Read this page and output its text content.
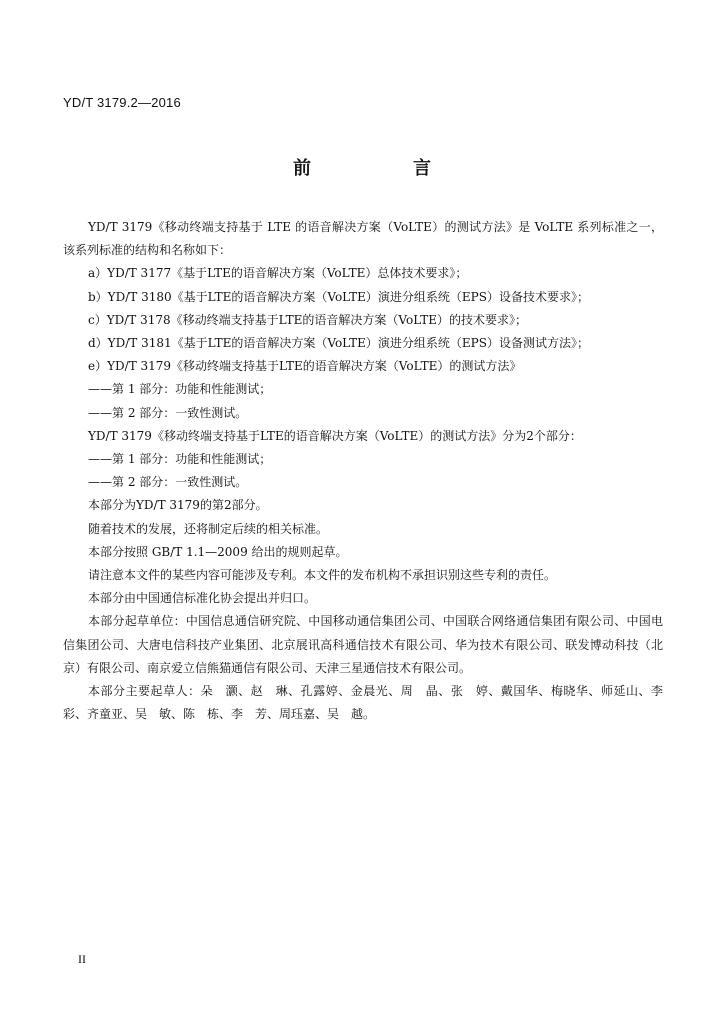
YD/T 3179.2—2016
前　言

YD/T 3179《移动终端支持基于 LTE 的语音解决方案（VoLTE）的测试方法》是 VoLTE 系列标准之一，该系列标准的结构和名称如下：

a）YD/T 3177《基于LTE的语音解决方案（VoLTE）总体技术要求》；

b）YD/T 3180《基于LTE的语音解决方案（VoLTE）演进分组系统（EPS）设备技术要求》；

c）YD/T 3178《移动终端支持基于LTE的语音解决方案（VoLTE）的技术要求》；

d）YD/T 3181《基于LTE的语音解决方案（VoLTE）演进分组系统（EPS）设备测试方法》；

e）YD/T 3179《移动终端支持基于LTE的语音解决方案（VoLTE）的测试方法》

——第 1 部分：功能和性能测试；

——第 2 部分：一致性测试。

YD/T 3179《移动终端支持基于LTE的语音解决方案（VoLTE）的测试方法》分为2个部分：

——第 1 部分：功能和性能测试；

——第 2 部分：一致性测试。

本部分为YD/T 3179的第2部分。

随着技术的发展，还将制定后续的相关标准。

本部分按照 GB/T 1.1—2009 给出的规则起草。

请注意本文件的某些内容可能涉及专利。本文件的发布机构不承担识别这些专利的责任。

本部分由中国通信标准化协会提出并归口。

本部分起草单位：中国信息通信研究院、中国移动通信集团公司、中国联合网络通信集团有限公司、中国电信集团公司、大唐电信科技产业集团、北京展讯高科通信技术有限公司、华为技术有限公司、联发博动科技（北京）有限公司、南京爱立信熊猫通信有限公司、天津三星通信技术有限公司。

本部分主要起草人：朵　灏、赵　琳、孔露婷、金晨光、周　晶、张　婷、戴国华、梅晓华、师延山、李　彩、齐童亚、吴　敏、陈　栋、李　芳、周珏嘉、吴　越。

II
